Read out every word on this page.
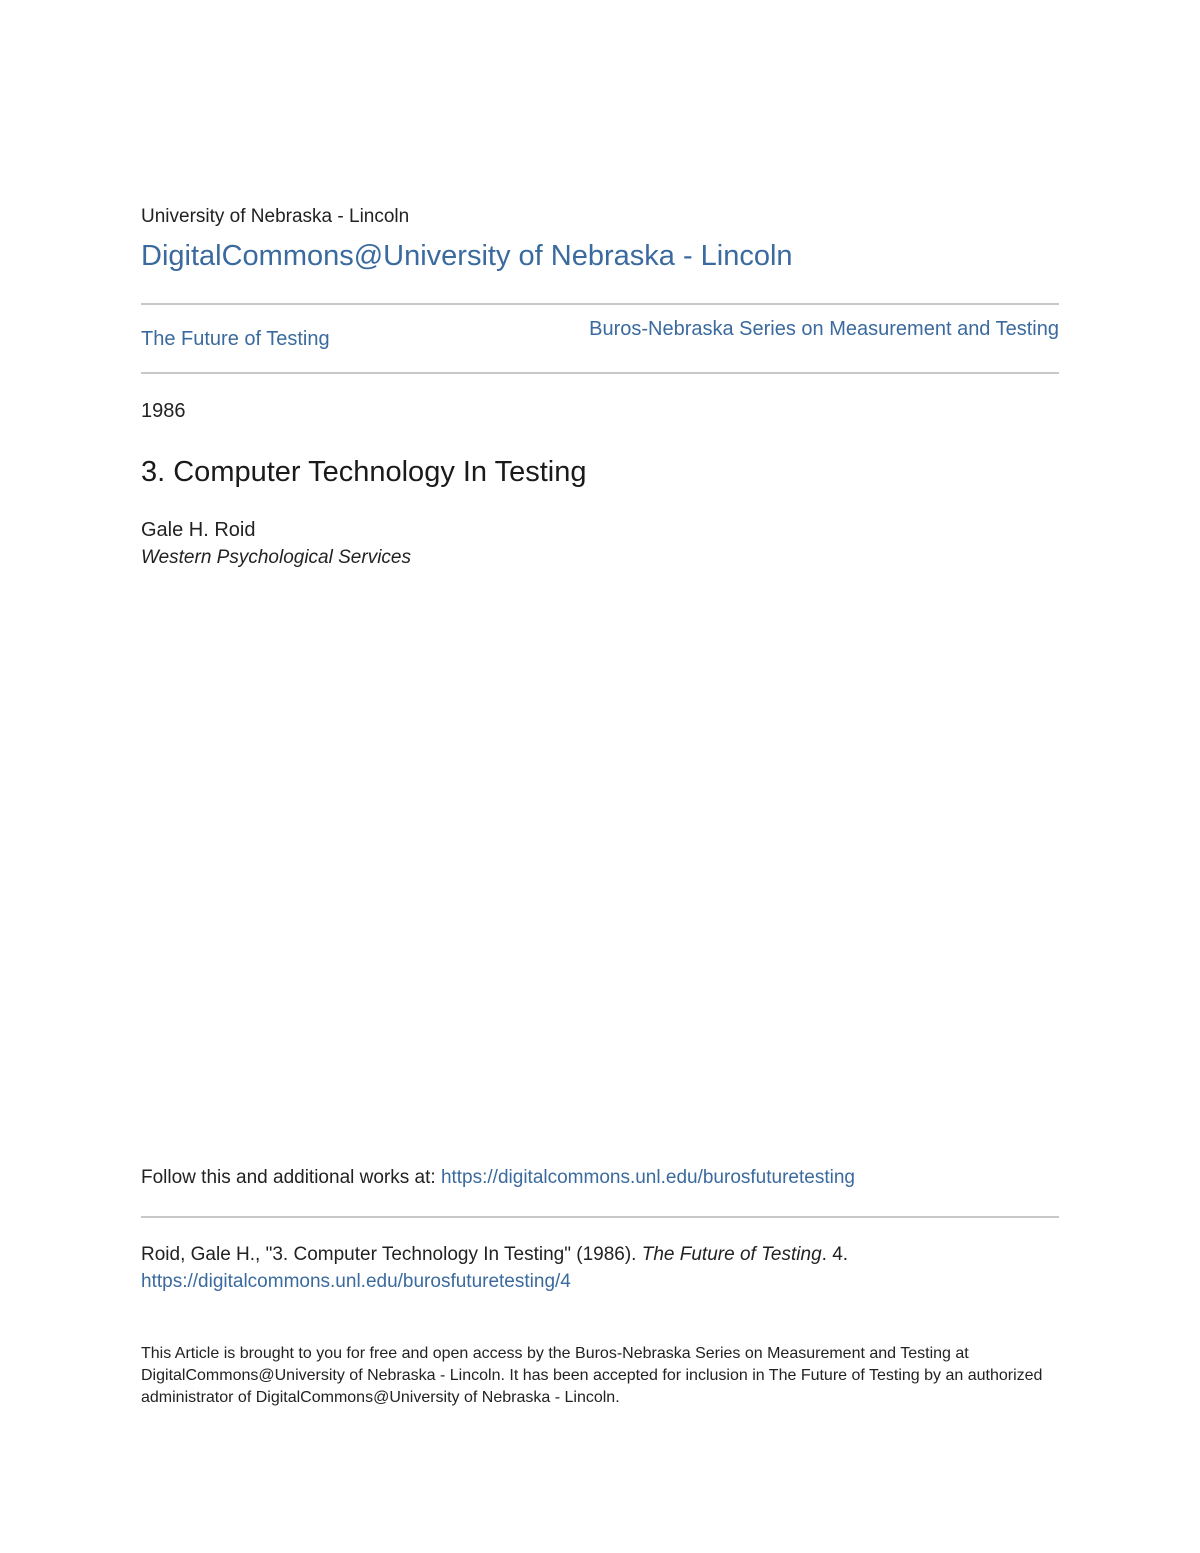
University of Nebraska - Lincoln
DigitalCommons@University of Nebraska - Lincoln
The Future of Testing	Buros-Nebraska Series on Measurement and Testing
1986
3. Computer Technology In Testing
Gale H. Roid
Western Psychological Services
Follow this and additional works at: https://digitalcommons.unl.edu/burosfuturetesting
Roid, Gale H., "3. Computer Technology In Testing" (1986). The Future of Testing. 4.
https://digitalcommons.unl.edu/burosfuturetesting/4
This Article is brought to you for free and open access by the Buros-Nebraska Series on Measurement and Testing at DigitalCommons@University of Nebraska - Lincoln. It has been accepted for inclusion in The Future of Testing by an authorized administrator of DigitalCommons@University of Nebraska - Lincoln.
